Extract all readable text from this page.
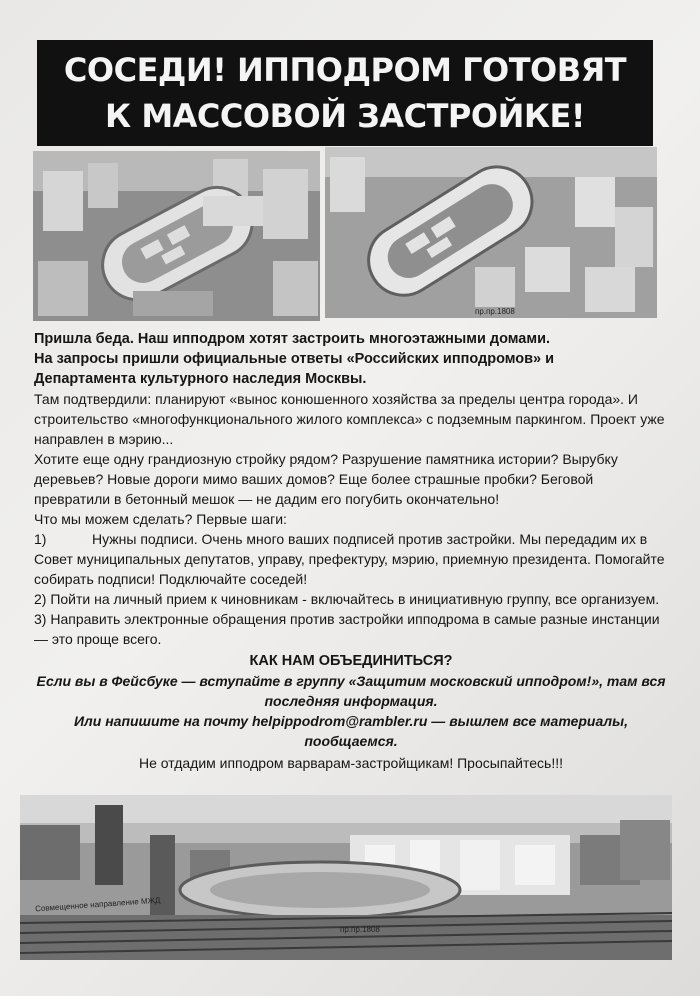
СОСЕДИ! ИППОДРОМ ГОТОВЯТ
К МАССОВОЙ ЗАСТРОЙКЕ!
пр.пр.1808

Пришла беда. Наш ипподром хотят застроить многоэтажными домами.

На запросы пришли официальные ответы «Российских ипподромов» и

Департамента культурного наследия Москвы.

Там подтвердили: планируют «вынос конюшенного хозяйства за пределы центра города». И строительство «многофункционального жилого комплекса» с подземным паркингом. Проект уже направлен в мэрию...

Хотите еще одну грандиозную стройку рядом? Разрушение памятника истории? Вырубку деревьев? Новые дороги мимо ваших домов? Еще более страшные пробки? Беговой превратили в бетонный мешок — не дадим его погубить окончательно!

Что мы можем сделать? Первые шаги:

1)	Нужны подписи. Очень много ваших подписей против застройки. Мы передадим их в Совет муниципальных депутатов, управу, префектуру, мэрию, приемную президента. Помогайте собирать подписи! Подключайте соседей!

2) Пойти на личный прием к чиновникам - включайтесь в инициативную группу, все организуем.

3) Направить электронные обращения против застройки ипподрома в самые разные инстанции — это проще всего.

КАК НАМ ОБЪЕДИНИТЬСЯ?

Если вы в Фейсбуке — вступайте в группу «Защитим московский ипподром!», там вся последняя информация.

Или напишите на почту helpippodrom@rambler.ru — вышлем все материалы, пообщаемся.

Не отдадим ипподром варварам-застройщикам! Просыпайтесь!!!

пр.пр.1808
Совмещенное направление МЖД
